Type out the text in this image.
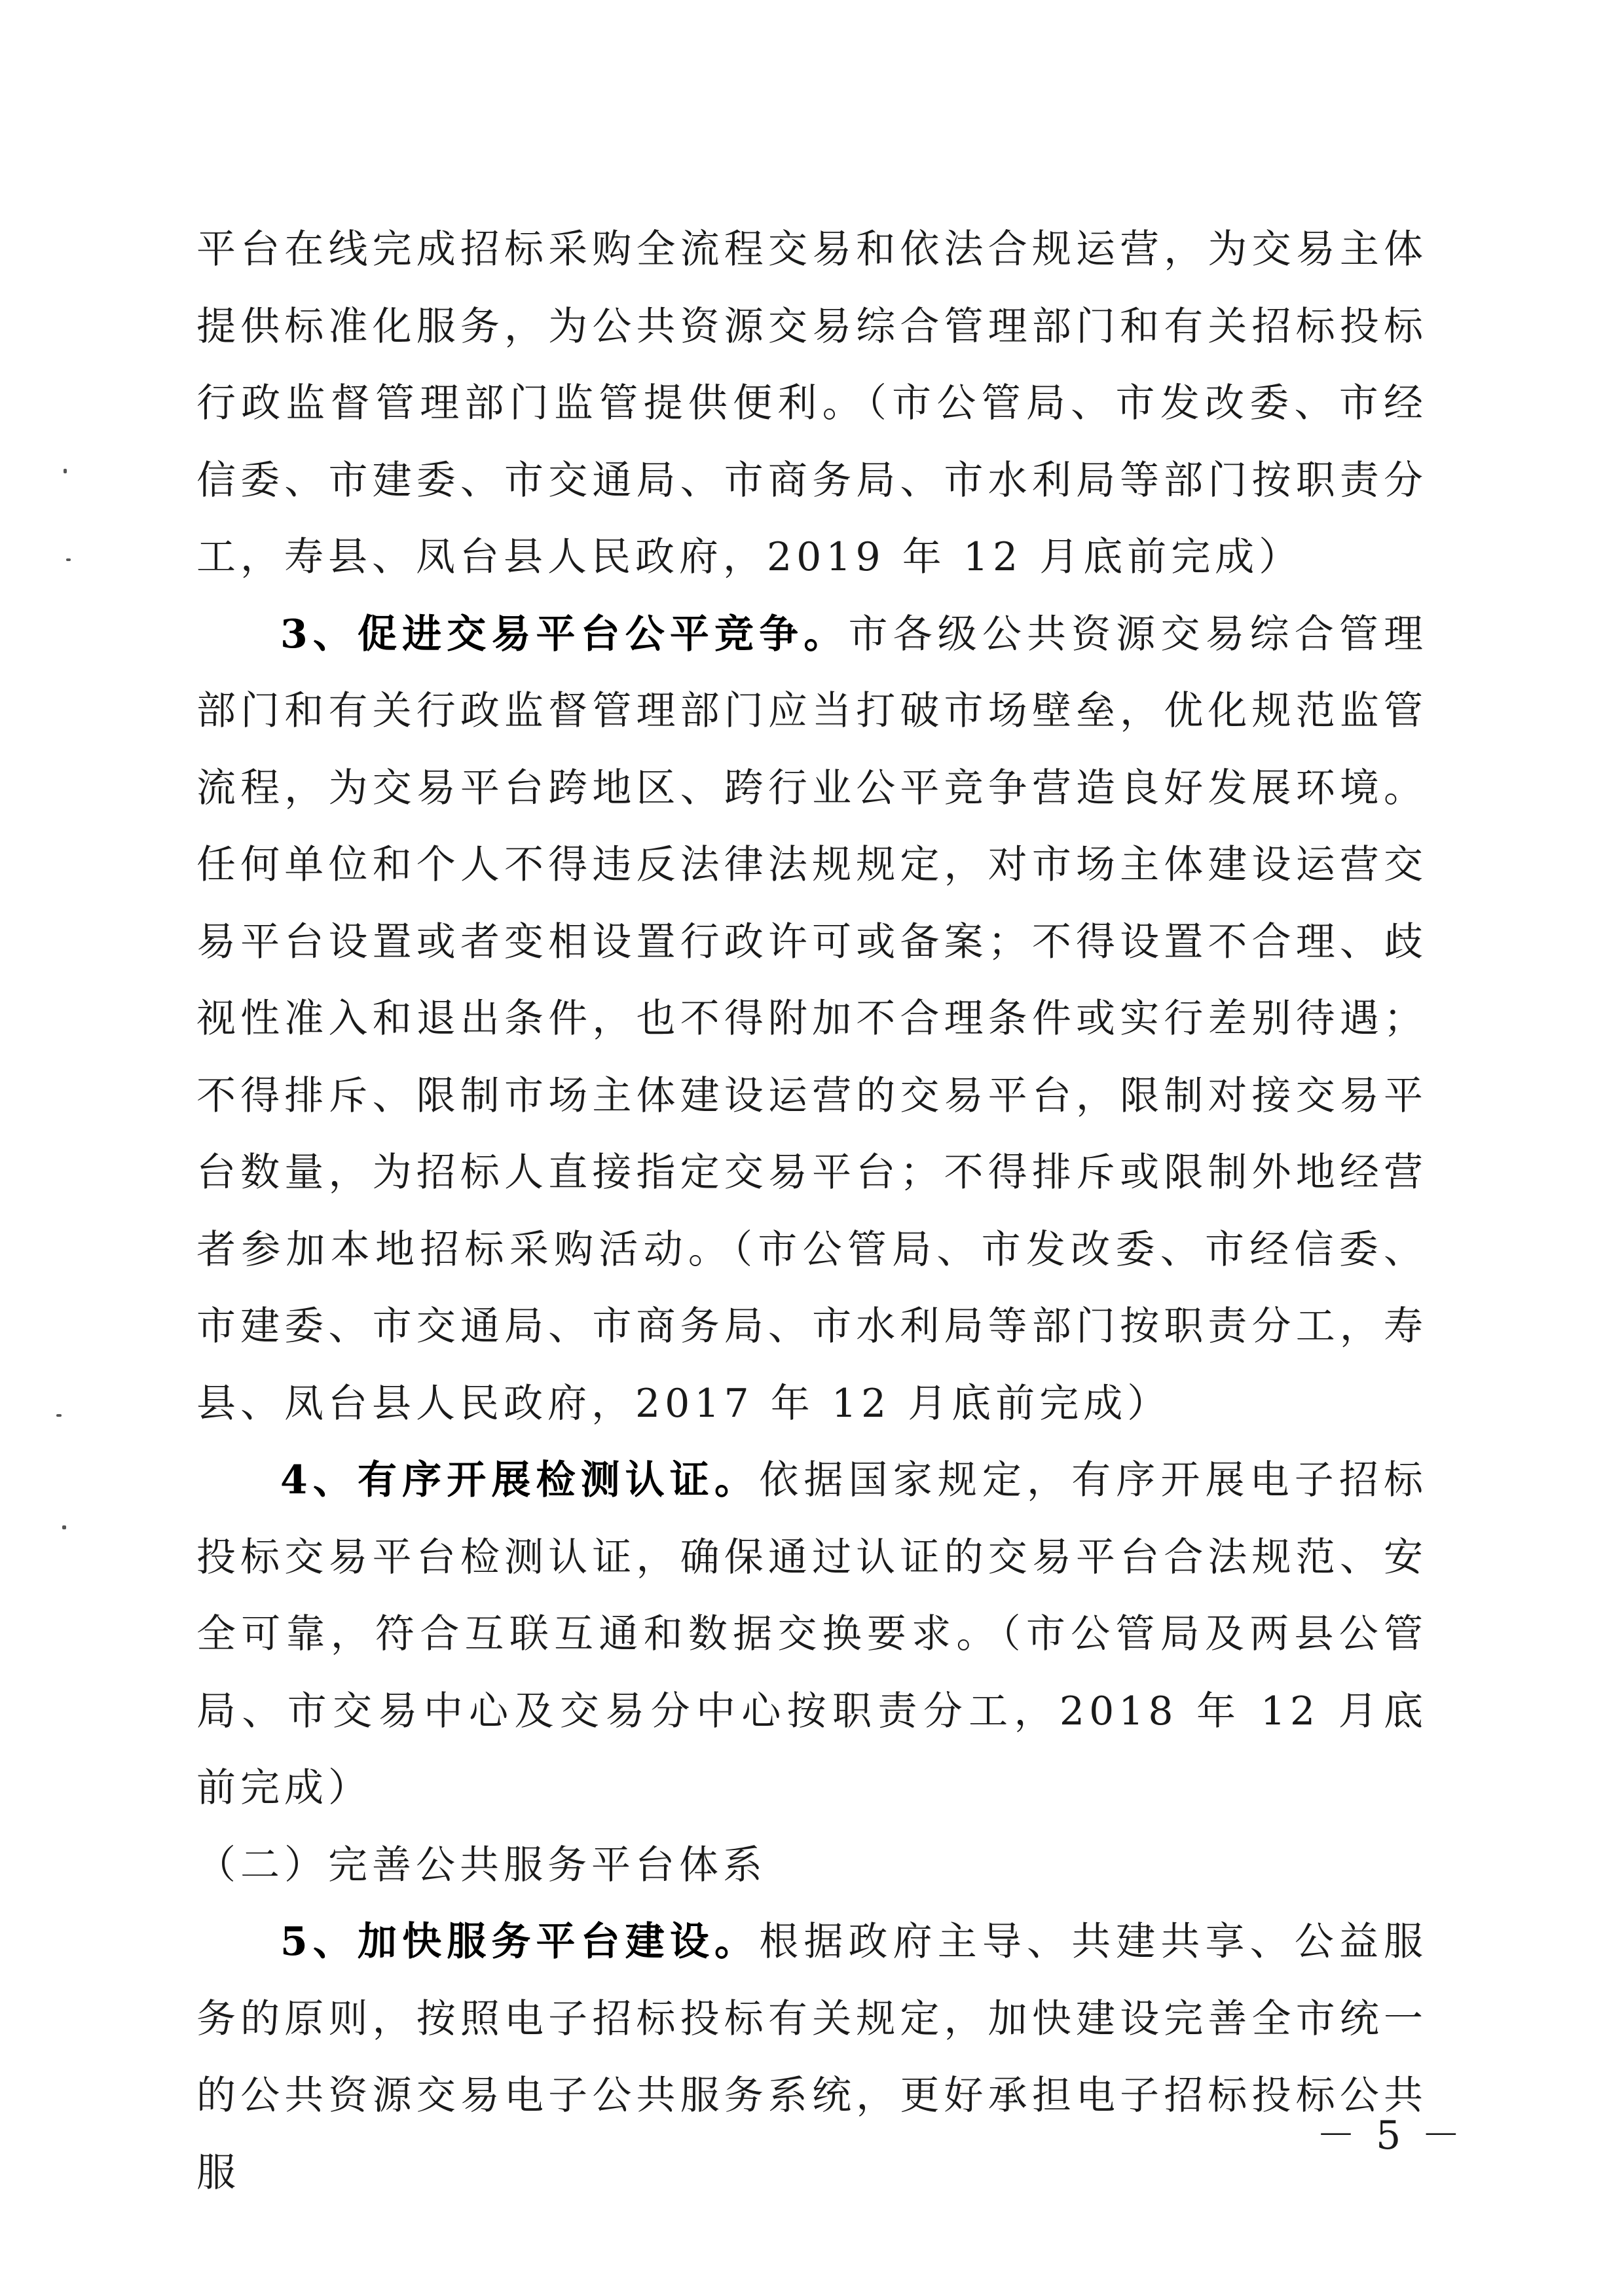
平台在线完成招标采购全流程交易和依法合规运营，为交易主体提供标准化服务，为公共资源交易综合管理部门和有关招标投标行政监督管理部门监管提供便利。（市公管局、市发改委、市经信委、市建委、市交通局、市商务局、市水利局等部门按职责分工，寿县、凤台县人民政府，2019 年 12 月底前完成）

3、促进交易平台公平竞争。市各级公共资源交易综合管理部门和有关行政监督管理部门应当打破市场壁垒，优化规范监管流程，为交易平台跨地区、跨行业公平竞争营造良好发展环境。任何单位和个人不得违反法律法规规定，对市场主体建设运营交易平台设置或者变相设置行政许可或备案；不得设置不合理、歧视性准入和退出条件，也不得附加不合理条件或实行差别待遇；不得排斥、限制市场主体建设运营的交易平台，限制对接交易平台数量，为招标人直接指定交易平台；不得排斥或限制外地经营者参加本地招标采购活动。（市公管局、市发改委、市经信委、市建委、市交通局、市商务局、市水利局等部门按职责分工，寿县、凤台县人民政府，2017 年 12 月底前完成）

4、有序开展检测认证。依据国家规定，有序开展电子招标投标交易平台检测认证，确保通过认证的交易平台合法规范、安全可靠，符合互联互通和数据交换要求。（市公管局及两县公管局、市交易中心及交易分中心按职责分工，2018 年 12 月底前完成）

（二）完善公共服务平台体系

5、加快服务平台建设。根据政府主导、共建共享、公益服务的原则，按照电子招标投标有关规定，加快建设完善全市统一的公共资源交易电子公共服务系统，更好承担电子招标投标公共服

－ 5 －
